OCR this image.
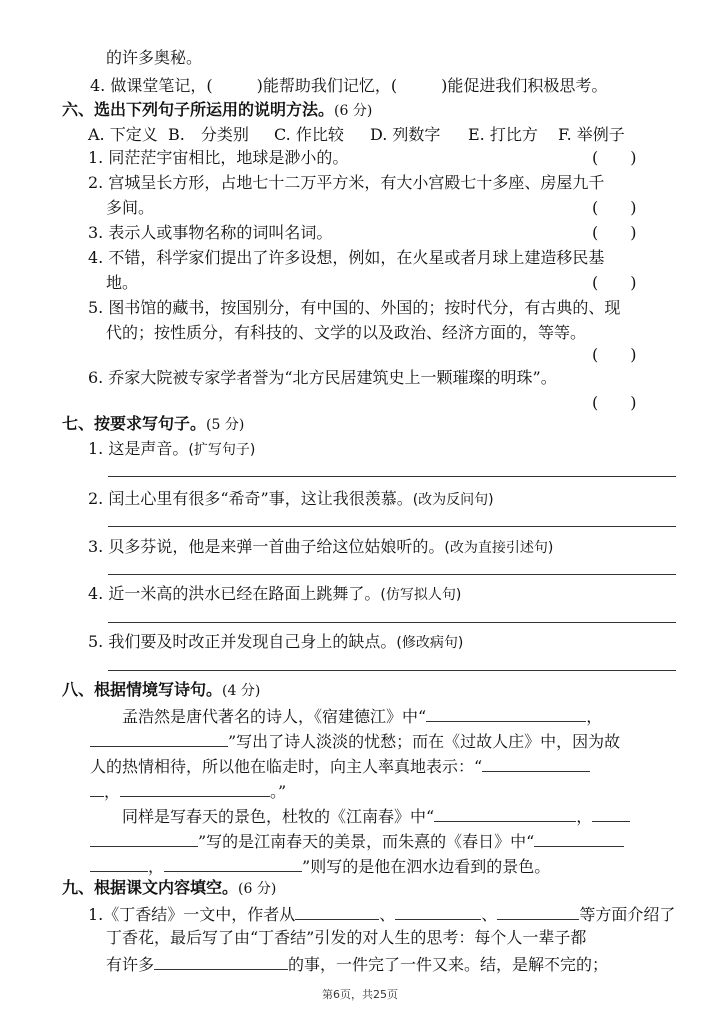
的许多奥秘。
4. 做课堂笔记，(	)能帮助我们记忆，(	)能促进我们积极思考。
六、选出下列句子所运用的说明方法。(6 分)
A. 下定义 B.　分类别 C. 作比较 D. 列数字 E. 打比方 F. 举例子
1. 同茫茫宇宙相比，地球是渺小的。	(　　)
2. 宫城呈长方形，占地七十二万平方米，有大小宫殿七十多座、房屋九千
多间。	(　　)
3. 表示人或事物名称的词叫名词。	(　　)
4. 不错，科学家们提出了许多设想，例如，在火星或者月球上建造移民基
地。	(　　)
5. 图书馆的藏书，按国别分，有中国的、外国的；按时代分，有古典的、现
代的；按性质分，有科技的、文学的以及政治、经济方面的，等等。
(　　)
6. 乔家大院被专家学者誉为“北方民居建筑史上一颗璀璨的明珠”。
(　　)
七、按要求写句子。(5 分)
1. 这是声音。(扩写句子)
2. 闰土心里有很多“希奇”事，这让我很羡慕。(改为反问句)
3. 贝多芬说，他是来弹一首曲子给这位姑娘听的。(改为直接引述句)
4. 近一米高的洪水已经在路面上跳舞了。(仿写拟人句)
5. 我们要及时改正并发现自己身上的缺点。(修改病句)
八、根据情境写诗句。(4 分)
孟浩然是唐代著名的诗人，《宿建德江》中“	，
”写出了诗人淡淡的忧愁；而在《过故人庄》中，因为故
人的热情相待，所以他在临走时，向主人率真地表示：“
，	。”
同样是写春天的景色，杜牧的《江南春》中“	，
”写的是江南春天的美景，而朱熹的《春日》中“
，	”则写的是他在泗水边看到的景色。
九、根据课文内容填空。(6 分)
1.《丁香结》一文中，作者从	、	、	等方面介绍了
丁香花，最后写了由“丁香结”引发的对人生的思考：每个人一辈子都
有许多	的事，一件完了一件又来。结，是解不完的；
第6页，共25页
